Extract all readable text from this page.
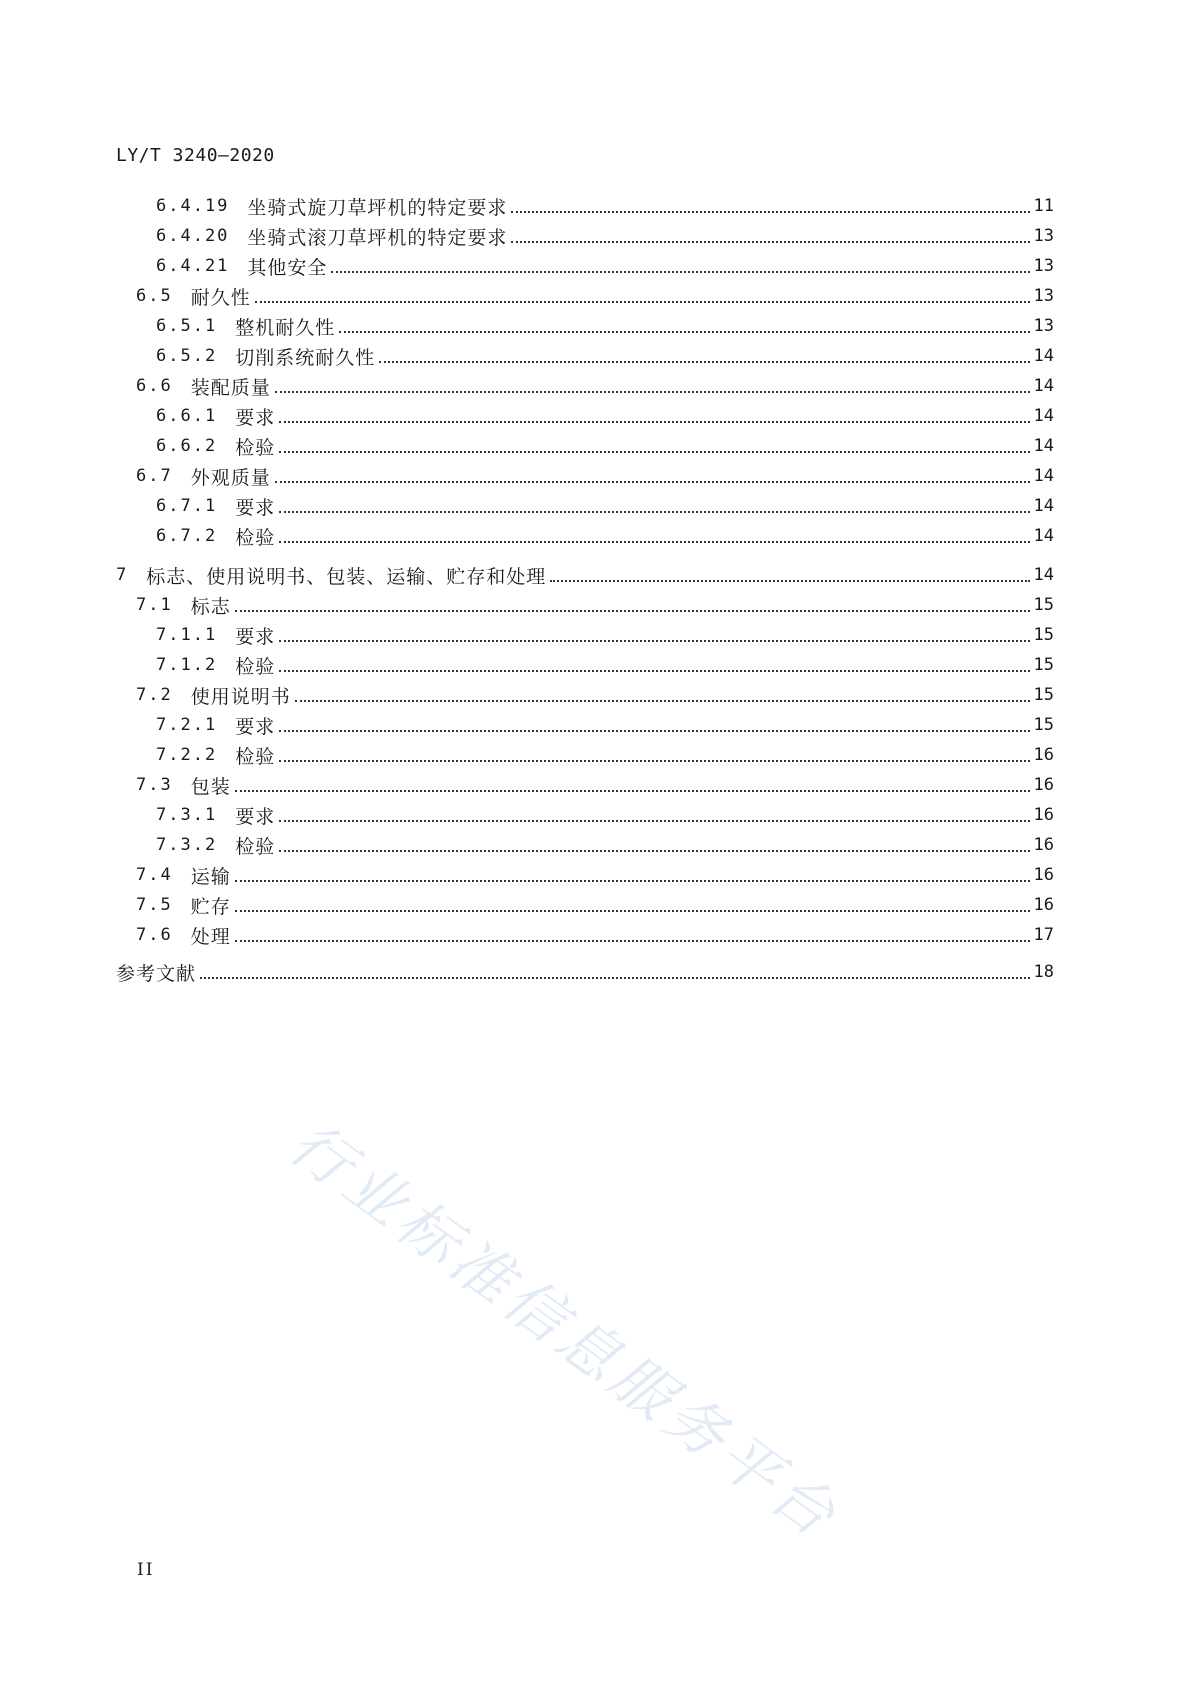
LY/T 3240—2020
6.4.19 坐骑式旋刀草坪机的特定要求	11
6.4.20 坐骑式滚刀草坪机的特定要求	13
6.4.21 其他安全	13
6.5 耐久性	13
6.5.1 整机耐久性	13
6.5.2 切削系统耐久性	14
6.6 装配质量	14
6.6.1 要求	14
6.6.2 检验	14
6.7 外观质量	14
6.7.1 要求	14
6.7.2 检验	14
7 标志、使用说明书、包装、运输、贮存和处理	14
7.1 标志	15
7.1.1 要求	15
7.1.2 检验	15
7.2 使用说明书	15
7.2.1 要求	15
7.2.2 检验	16
7.3 包装	16
7.3.1 要求	16
7.3.2 检验	16
7.4 运输	16
7.5 贮存	16
7.6 处理	17
参考文献	18
II
行业标准信息服务平台
